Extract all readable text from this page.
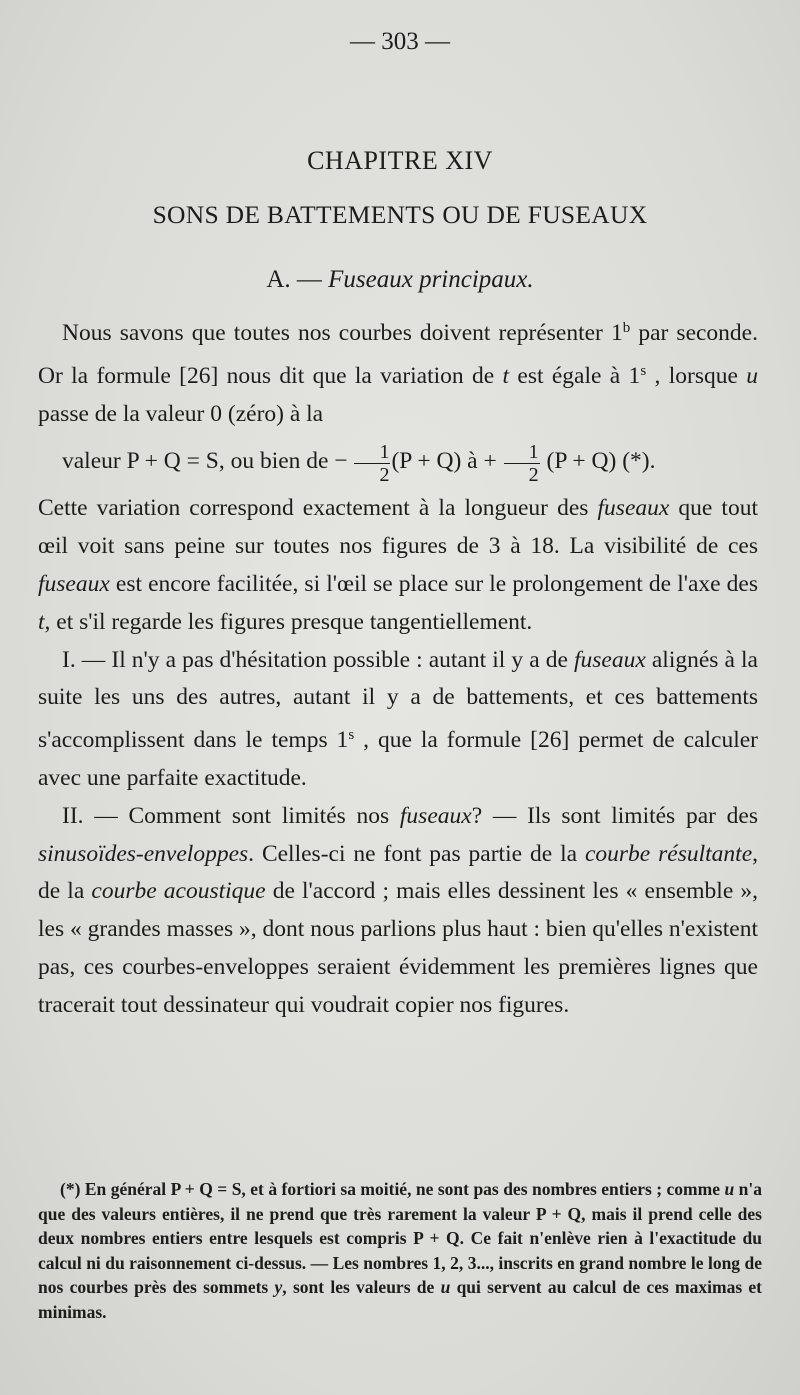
— 303 —
CHAPITRE XIV
SONS DE BATTEMENTS OU DE FUSEAUX
A. — Fuseaux principaux.

Nous savons que toutes nos courbes doivent représenter 1$^b$ par seconde. Or la formule [26] nous dit que la variation de t est égale à 1$^s$ , lorsque u passe de la valeur 0 (zéro) à la
valeur P + Q = S, ou bien de − $\frac{1}{2} (P + Q)$ à + $\frac{1}{2} (P + Q)$ (*).
Cette variation correspond exactement à la longueur des fuseaux que tout œil voit sans peine sur toutes nos figures de 3 à 18. La visibilité de ces fuseaux est encore facilitée, si l'œil se place sur le prolongement de l'axe des t, et s'il regarde les figures presque tangentiellement.

I. — Il n'y a pas d'hésitation possible : autant il y a de fuseaux alignés à la suite les uns des autres, autant il y a de battements, et ces battements s'accomplissent dans le temps 1$^s$ , que la formule [26] permet de calculer avec une parfaite exactitude.

II. — Comment sont limités nos fuseaux? — Ils sont limités par des sinusoïdes-enveloppes. Celles-ci ne font pas partie de la courbe résultante, de la courbe acoustique de l'accord ; mais elles dessinent les « ensemble », les « grandes masses », dont nous parlions plus haut : bien qu'elles n'existent pas, ces courbes-enveloppes seraient évidemment les premières lignes que tracerait tout dessinateur qui voudrait copier nos figures.

(*) En général P + Q = S, et à fortiori sa moitié, ne sont pas des nombres entiers ; comme u n'a que des valeurs entières, il ne prend que très rarement la valeur P + Q, mais il prend celle des deux nombres entiers entre lesquels est compris P + Q. Ce fait n'enlève rien à l'exactitude du calcul ni du raisonnement ci-dessus. — Les nombres 1, 2, 3..., inscrits en grand nombre le long de nos courbes près des sommets y, sont les valeurs de u qui servent au calcul de ces maximas et minimas.
